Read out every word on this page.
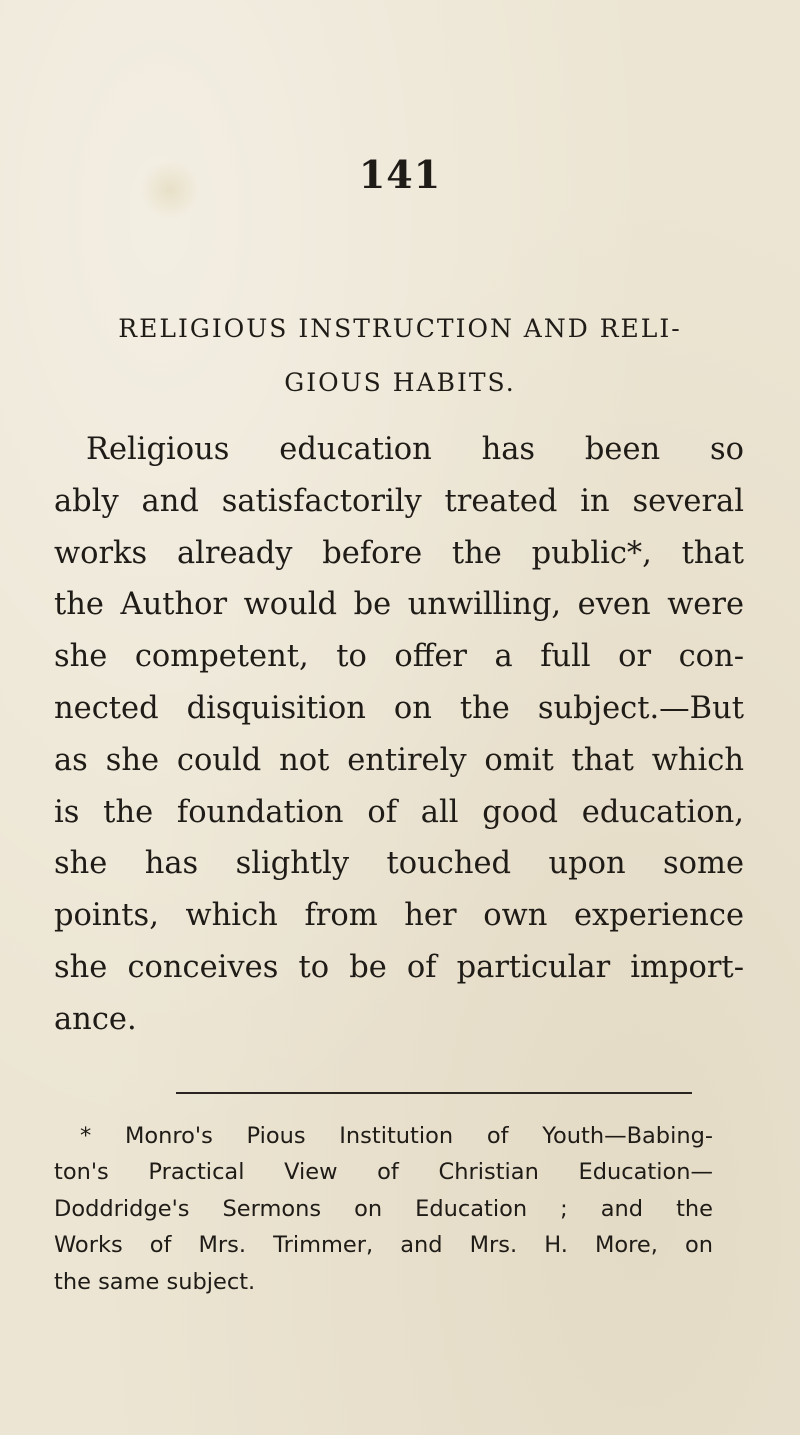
141
RELIGIOUS INSTRUCTION AND RELI-
GIOUS HABITS.
Religious education has been so
ably and satisfactorily treated in several
works already before the public*, that
the Author would be unwilling, even were
she competent, to offer a full or con-
nected disquisition on the subject.—But
as she could not entirely omit that which
is the foundation of all good education,
she has slightly touched upon some
points, which from her own experience
she conceives to be of particular import-
ance.
* Monro's Pious Institution of Youth—Babing-
ton's Practical View of Christian Education—
Doddridge's Sermons on Education ; and the
Works of Mrs. Trimmer, and Mrs. H. More, on
the same subject.
